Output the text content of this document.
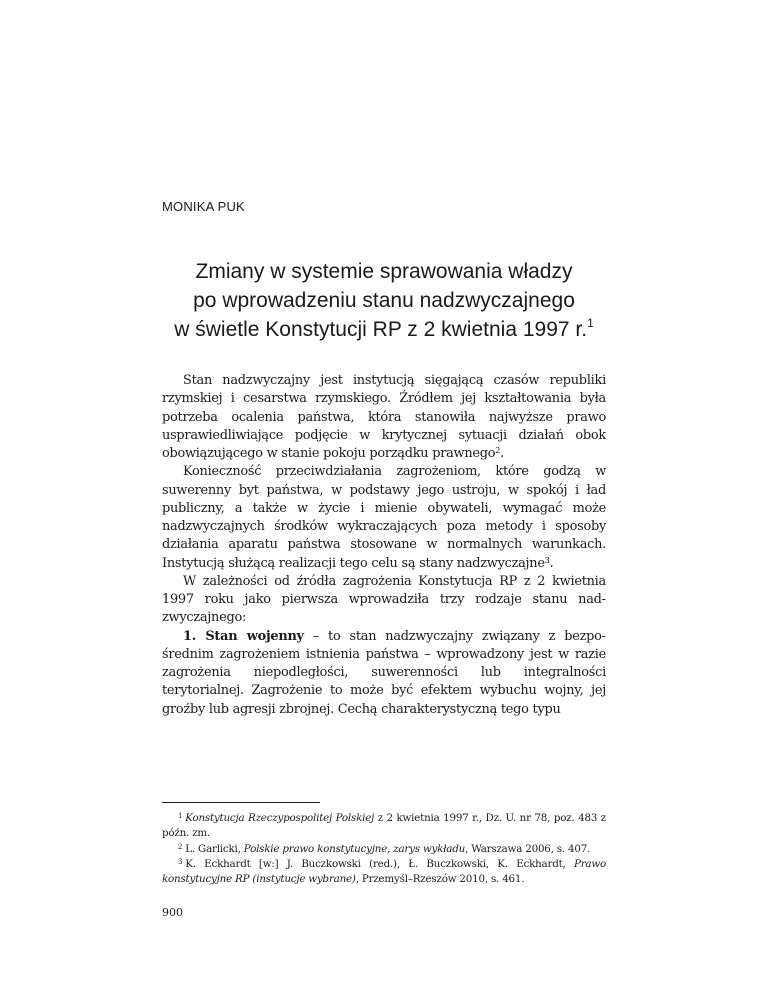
MONIKA PUK
Zmiany w systemie sprawowania władzy
po wprowadzeniu stanu nadzwyczajnego
w świetle Konstytucji RP z 2 kwietnia 1997 r.$^1$

Stan nadzwyczajny jest instytucją sięgającą czasów republiki rzymskiej i cesarstwa rzymskiego. Źródłem jej kształtowania była potrzeba ocalenia państwa, która stanowiła najwyższe prawo usprawiedliwiające podjęcie w krytycznej sytuacji działań obok obowiązującego w stanie pokoju porządku prawnego$^2$.

Konieczność przeciwdziałania zagrożeniom, które godzą w suwerenny byt państwa, w podstawy jego ustroju, w spokój i ład publiczny, a także w życie i mienie obywateli, wymagać może nadzwyczajnych środków wykraczających poza metody i sposoby działania aparatu państwa stosowane w normalnych warunkach. Instytucją służącą realizacji tego celu są stany nadzwyczajne$^3$.

W zależności od źródła zagrożenia Konstytucja RP z 2 kwietnia 1997 roku jako pierwsza wprowadziła trzy rodzaje stanu nadzwyczajnego:

1. Stan wojenny – to stan nadzwyczajny związany z bezpośrednim zagrożeniem istnienia państwa – wprowadzony jest w razie zagrożenia niepodległości, suwerenności lub integralności terytorialnej. Zagrożenie to może być efektem wybuchu wojny, jej groźby lub agresji zbrojnej. Cechą charakterystyczną tego typu

$^1$ Konstytucja Rzeczypospolitej Polskiej z 2 kwietnia 1997 r., Dz. U. nr 78, poz. 483 z późn. zm.

$^2$ L. Garlicki, Polskie prawo konstytucyjne, zarys wykładu, Warszawa 2006, s. 407.

$^3$ K. Eckhardt [w:] J. Buczkowski (red.), Ł. Buczkowski, K. Eckhardt, Prawo konstytucyjne RP (instytucje wybrane), Przemyśl–Rzeszów 2010, s. 461.

900
